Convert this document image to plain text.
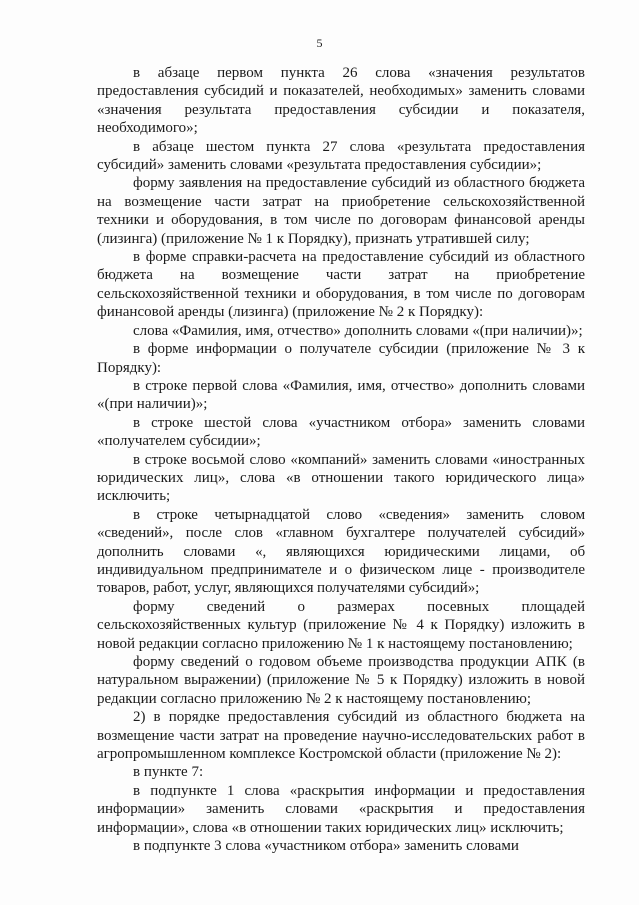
5

в абзаце первом пункта 26 слова «значения результатов предоставления субсидий и показателей, необходимых» заменить словами «значения результата предоставления субсидии и показателя, необходимого»;

в абзаце шестом пункта 27 слова «результата предоставления субсидий» заменить словами «результата предоставления субсидии»;

форму заявления на предоставление субсидий из областного бюджета на возмещение части затрат на приобретение сельскохозяйственной техники и оборудования, в том числе по договорам финансовой аренды (лизинга) (приложение № 1 к Порядку), признать утратившей силу;

в форме справки-расчета на предоставление субсидий из областного бюджета на возмещение части затрат на приобретение сельскохозяйственной техники и оборудования, в том числе по договорам финансовой аренды (лизинга) (приложение № 2 к Порядку):

слова «Фамилия, имя, отчество» дополнить словами «(при наличии)»;

в форме информации о получателе субсидии (приложение № 3 к Порядку):

в строке первой слова «Фамилия, имя, отчество» дополнить словами «(при наличии)»;

в строке шестой слова «участником отбора» заменить словами «получателем субсидии»;

в строке восьмой слово «компаний» заменить словами «иностранных юридических лиц», слова «в отношении такого юридического лица» исключить;

в строке четырнадцатой слово «сведения» заменить словом «сведений», после слов «главном бухгалтере получателей субсидий» дополнить словами «, являющихся юридическими лицами, об индивидуальном предпринимателе и о физическом лице - производителе товаров, работ, услуг, являющихся получателями субсидий»;

форму сведений о размерах посевных площадей сельскохозяйственных культур (приложение № 4 к Порядку) изложить в новой редакции согласно приложению № 1 к настоящему постановлению;

форму сведений о годовом объеме производства продукции АПК (в натуральном выражении) (приложение № 5 к Порядку) изложить в новой редакции согласно приложению № 2 к настоящему постановлению;

2) в порядке предоставления субсидий из областного бюджета на возмещение части затрат на проведение научно-исследовательских работ в агропромышленном комплексе Костромской области (приложение № 2):

в пункте 7:

в подпункте 1 слова «раскрытия информации и предоставления информации» заменить словами «раскрытия и предоставления информации», слова «в отношении таких юридических лиц» исключить;

в подпункте 3 слова «участником отбора» заменить словами
